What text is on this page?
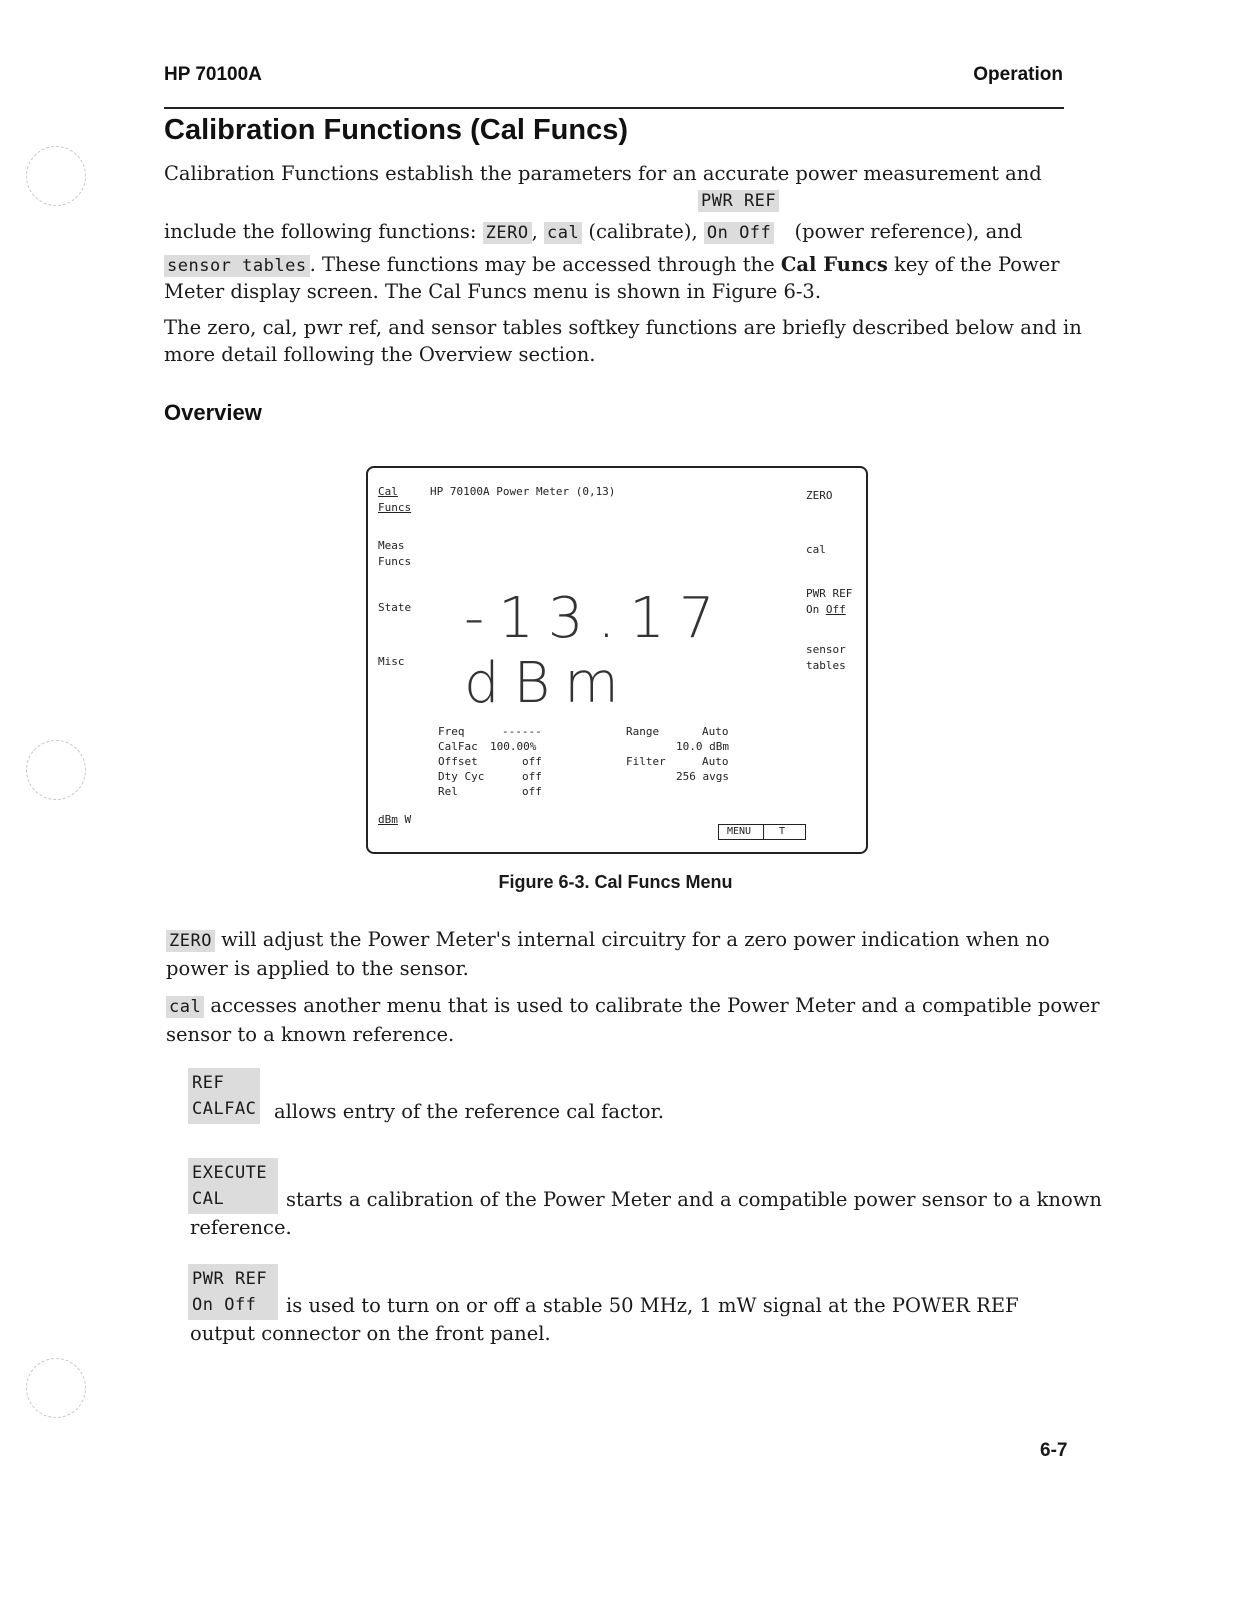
HP 70100A	Operation
Calibration Functions (Cal Funcs)

Calibration Functions establish the parameters for an accurate power measurement and

PWR REF

include the following functions: ZERO , cal (calibrate), On Off (power reference), and

sensor tables . These functions may be accessed through the Cal Funcs key of the Power

Meter display screen. The Cal Funcs menu is shown in Figure 6-3.

The zero, cal, pwr ref, and sensor tables softkey functions are briefly described below and in

more detail following the Overview section.

Overview
Cal
Funcs
HP 70100A Power Meter (0,13)
Meas
Funcs
State
Misc
dBm W
-13.17 dBm
ZERO
cal
PWR REF
On Off
sensor
tables
Freq	------
CalFac 100.00%
Offset	off
Dty Cyc	off
Rel	off
Range	Auto
10.0 dBm
Filter	Auto
256 avgs
MENU	T
Figure 6-3. Cal Funcs Menu

ZERO will adjust the Power Meter's internal circuitry for a zero power indication when no

power is applied to the sensor.

cal accesses another menu that is used to calibrate the Power Meter and a compatible power

sensor to a known reference.

REF
CALFAC allows entry of the reference cal factor.

EXECUTE
CAL	starts a calibration of the Power Meter and a compatible power sensor to a known

reference.

PWR REF
On Off	is used to turn on or off a stable 50 MHz, 1 mW signal at the POWER REF

output connector on the front panel.

6-7
